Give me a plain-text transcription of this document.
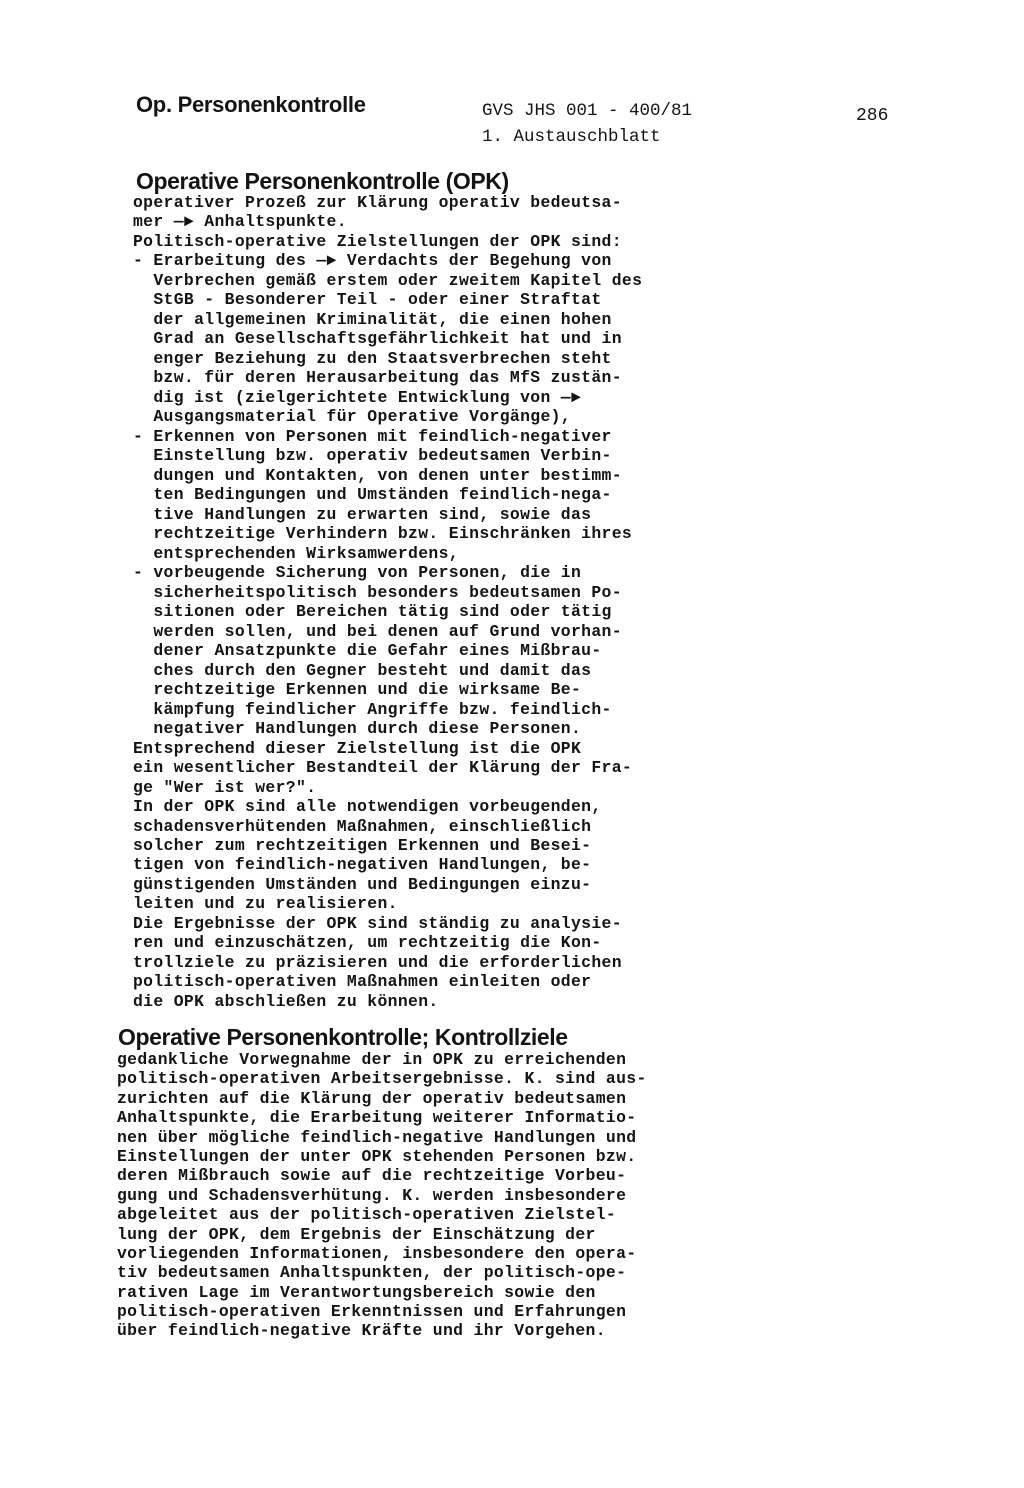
Op. Personenkontrolle	GVS JHS 001 - 400/81
1. Austauschblatt
286
Operative Personenkontrolle (OPK)
operativer Prozeß zur Klärung operativ bedeutsa-
mer —► Anhaltspunkte.
Politisch-operative Zielstellungen der OPK sind:
- Erarbeitung des —► Verdachts der Begehung von
Verbrechen gemäß erstem oder zweitem Kapitel des
StGB - Besonderer Teil - oder einer Straftat
der allgemeinen Kriminalität, die einen hohen
Grad an Gesellschaftsgefährlichkeit hat und in
enger Beziehung zu den Staatsverbrechen steht
bzw. für deren Herausarbeitung das MfS zustän-
dig ist (zielgerichtete Entwicklung von —►
Ausgangsmaterial für Operative Vorgänge),
- Erkennen von Personen mit feindlich-negativer
Einstellung bzw. operativ bedeutsamen Verbin-
dungen und Kontakten, von denen unter bestimm-
ten Bedingungen und Umständen feindlich-nega-
tive Handlungen zu erwarten sind, sowie das
rechtzeitige Verhindern bzw. Einschränken ihres
entsprechenden Wirksamwerdens,
- vorbeugende Sicherung von Personen, die in
sicherheitspolitisch besonders bedeutsamen Po-
sitionen oder Bereichen tätig sind oder tätig
werden sollen, und bei denen auf Grund vorhan-
dener Ansatzpunkte die Gefahr eines Mißbrau-
ches durch den Gegner besteht und damit das
rechtzeitige Erkennen und die wirksame Be-
kämpfung feindlicher Angriffe bzw. feindlich-
negativer Handlungen durch diese Personen.
Entsprechend dieser Zielstellung ist die OPK
ein wesentlicher Bestandteil der Klärung der Fra-
ge "Wer ist wer?".
In der OPK sind alle notwendigen vorbeugenden,
schadensverhütenden Maßnahmen, einschließlich
solcher zum rechtzeitigen Erkennen und Besei-
tigen von feindlich-negativen Handlungen, be-
günstigenden Umständen und Bedingungen einzu-
leiten und zu realisieren.
Die Ergebnisse der OPK sind ständig zu analysie-
ren und einzuschätzen, um rechtzeitig die Kon-
trollziele zu präzisieren und die erforderlichen
politisch-operativen Maßnahmen einleiten oder
die OPK abschließen zu können.
Operative Personenkontrolle; Kontrollziele
gedankliche Vorwegnahme der in OPK zu erreichenden
politisch-operativen Arbeitsergebnisse. K. sind aus-
zurichten auf die Klärung der operativ bedeutsamen
Anhaltspunkte, die Erarbeitung weiterer Informatio-
nen über mögliche feindlich-negative Handlungen und
Einstellungen der unter OPK stehenden Personen bzw.
deren Mißbrauch sowie auf die rechtzeitige Vorbeu-
gung und Schadensverhütung. K. werden insbesondere
abgeleitet aus der politisch-operativen Zielstel-
lung der OPK, dem Ergebnis der Einschätzung der
vorliegenden Informationen, insbesondere den opera-
tiv bedeutsamen Anhaltspunkten, der politisch-ope-
rativen Lage im Verantwortungsbereich sowie den
politisch-operativen Erkenntnissen und Erfahrungen
über feindlich-negative Kräfte und ihr Vorgehen.
